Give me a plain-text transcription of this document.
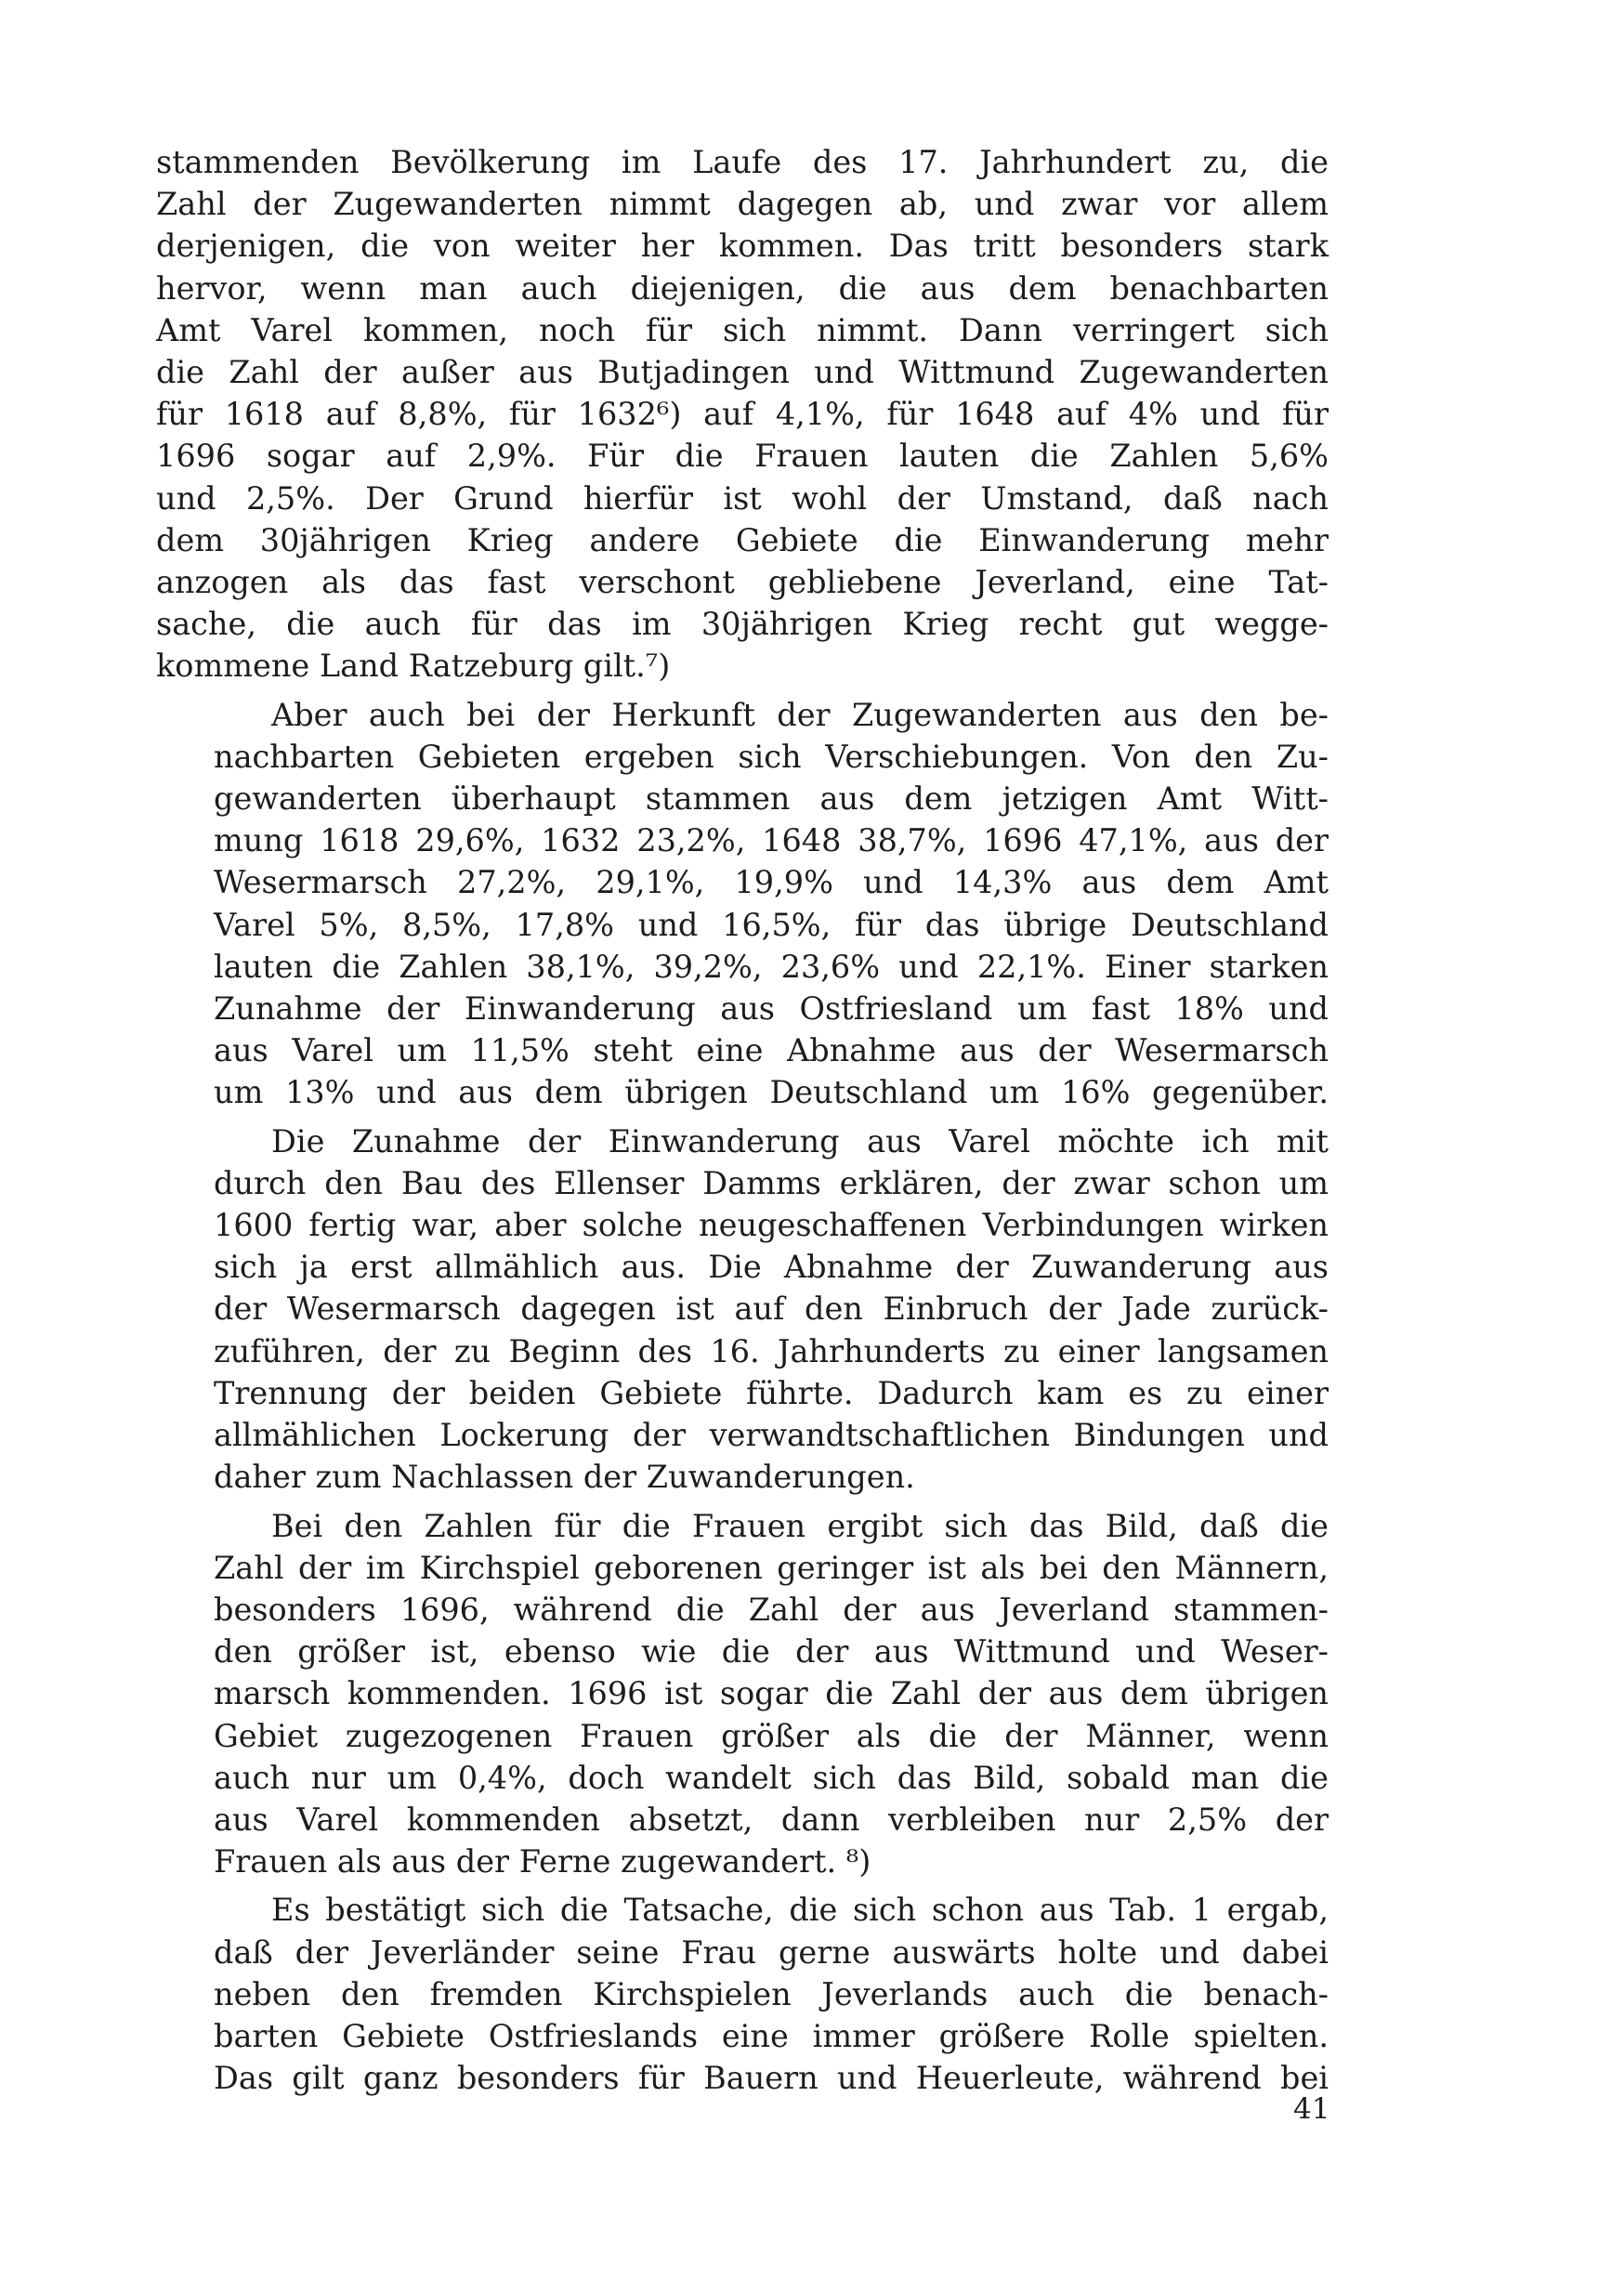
stammenden Bevölkerung im Laufe des 17. Jahrhundert zu, die
Zahl der Zugewanderten nimmt dagegen ab, und zwar vor allem
derjenigen, die von weiter her kommen. Das tritt besonders stark
hervor, wenn man auch diejenigen, die aus dem benachbarten
Amt Varel kommen, noch für sich nimmt. Dann verringert sich
die Zahl der außer aus Butjadingen und Wittmund Zugewanderten
für 1618 auf 8,8%, für 1632⁶) auf 4,1%, für 1648 auf 4% und für
1696 sogar auf 2,9%. Für die Frauen lauten die Zahlen 5,6%
und 2,5%. Der Grund hierfür ist wohl der Umstand, daß nach
dem 30jährigen Krieg andere Gebiete die Einwanderung mehr
anzogen als das fast verschont gebliebene Jeverland, eine Tat-
sache, die auch für das im 30jährigen Krieg recht gut wegge-
kommene Land Ratzeburg gilt.⁷)
Aber auch bei der Herkunft der Zugewanderten aus den be-
nachbarten Gebieten ergeben sich Verschiebungen. Von den Zu-
gewanderten überhaupt stammen aus dem jetzigen Amt Witt-
mung 1618 29,6%, 1632 23,2%, 1648 38,7%, 1696 47,1%, aus der
Wesermarsch 27,2%, 29,1%, 19,9% und 14,3% aus dem Amt
Varel 5%, 8,5%, 17,8% und 16,5%, für das übrige Deutschland
lauten die Zahlen 38,1%, 39,2%, 23,6% und 22,1%. Einer starken
Zunahme der Einwanderung aus Ostfriesland um fast 18% und
aus Varel um 11,5% steht eine Abnahme aus der Wesermarsch
um 13% und aus dem übrigen Deutschland um 16% gegenüber.
Die Zunahme der Einwanderung aus Varel möchte ich mit
durch den Bau des Ellenser Damms erklären, der zwar schon um
1600 fertig war, aber solche neugeschaffenen Verbindungen wirken
sich ja erst allmählich aus. Die Abnahme der Zuwanderung aus
der Wesermarsch dagegen ist auf den Einbruch der Jade zurück-
zuführen, der zu Beginn des 16. Jahrhunderts zu einer langsamen
Trennung der beiden Gebiete führte. Dadurch kam es zu einer
allmählichen Lockerung der verwandtschaftlichen Bindungen und
daher zum Nachlassen der Zuwanderungen.
Bei den Zahlen für die Frauen ergibt sich das Bild, daß die
Zahl der im Kirchspiel geborenen geringer ist als bei den Männern,
besonders 1696, während die Zahl der aus Jeverland stammen-
den größer ist, ebenso wie die der aus Wittmund und Weser-
marsch kommenden. 1696 ist sogar die Zahl der aus dem übrigen
Gebiet zugezogenen Frauen größer als die der Männer, wenn
auch nur um 0,4%, doch wandelt sich das Bild, sobald man die
aus Varel kommenden absetzt, dann verbleiben nur 2,5% der
Frauen als aus der Ferne zugewandert. ⁸)
Es bestätigt sich die Tatsache, die sich schon aus Tab. 1 ergab,
daß der Jeverländer seine Frau gerne auswärts holte und dabei
neben den fremden Kirchspielen Jeverlands auch die benach-
barten Gebiete Ostfrieslands eine immer größere Rolle spielten.
Das gilt ganz besonders für Bauern und Heuerleute, während bei
41
